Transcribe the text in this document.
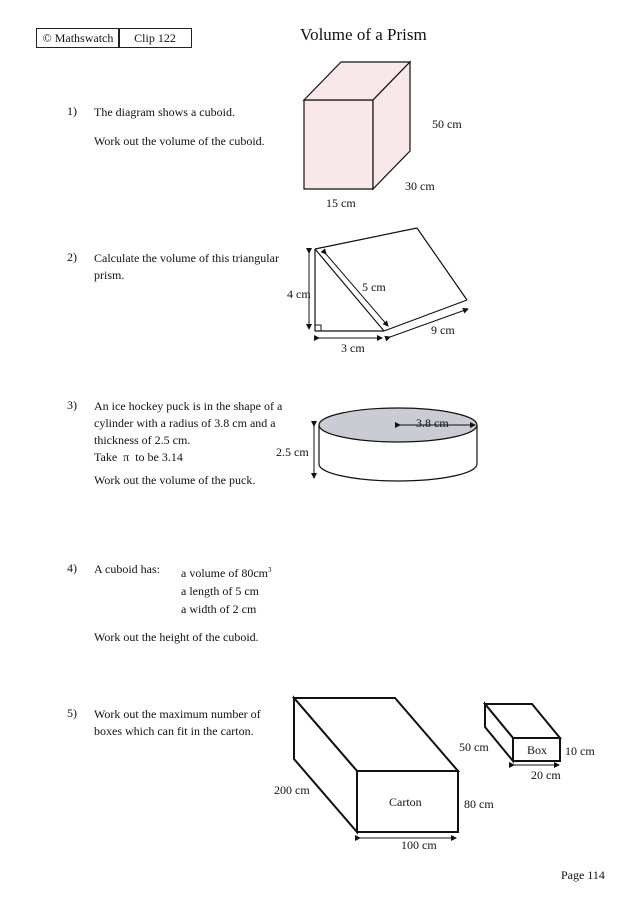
© Mathswatch	Clip 122	Volume of a Prism
1) The diagram shows a cuboid.
Work out the volume of the cuboid.
50 cm
30 cm
15 cm
2) Calculate the volume of this triangular
prism.
4 cm	5 cm
9 cm
3 cm
3) An ice hockey puck is in the shape of a
cylinder with a radius of 3.8 cm and a
thickness of 2.5 cm.
Take  π  to be 3.14
Work out the volume of the puck.
3.8 cm
2.5 cm
4) A cuboid has: a volume of $80cm^3$
a length of 5 cm
a width of 2 cm
Work out the height of the cuboid.
5) Work out the maximum number of
boxes which can fit in the carton.
Carton
200 cm
80 cm
100 cm
Box
50 cm	10 cm
20 cm
Page 114
